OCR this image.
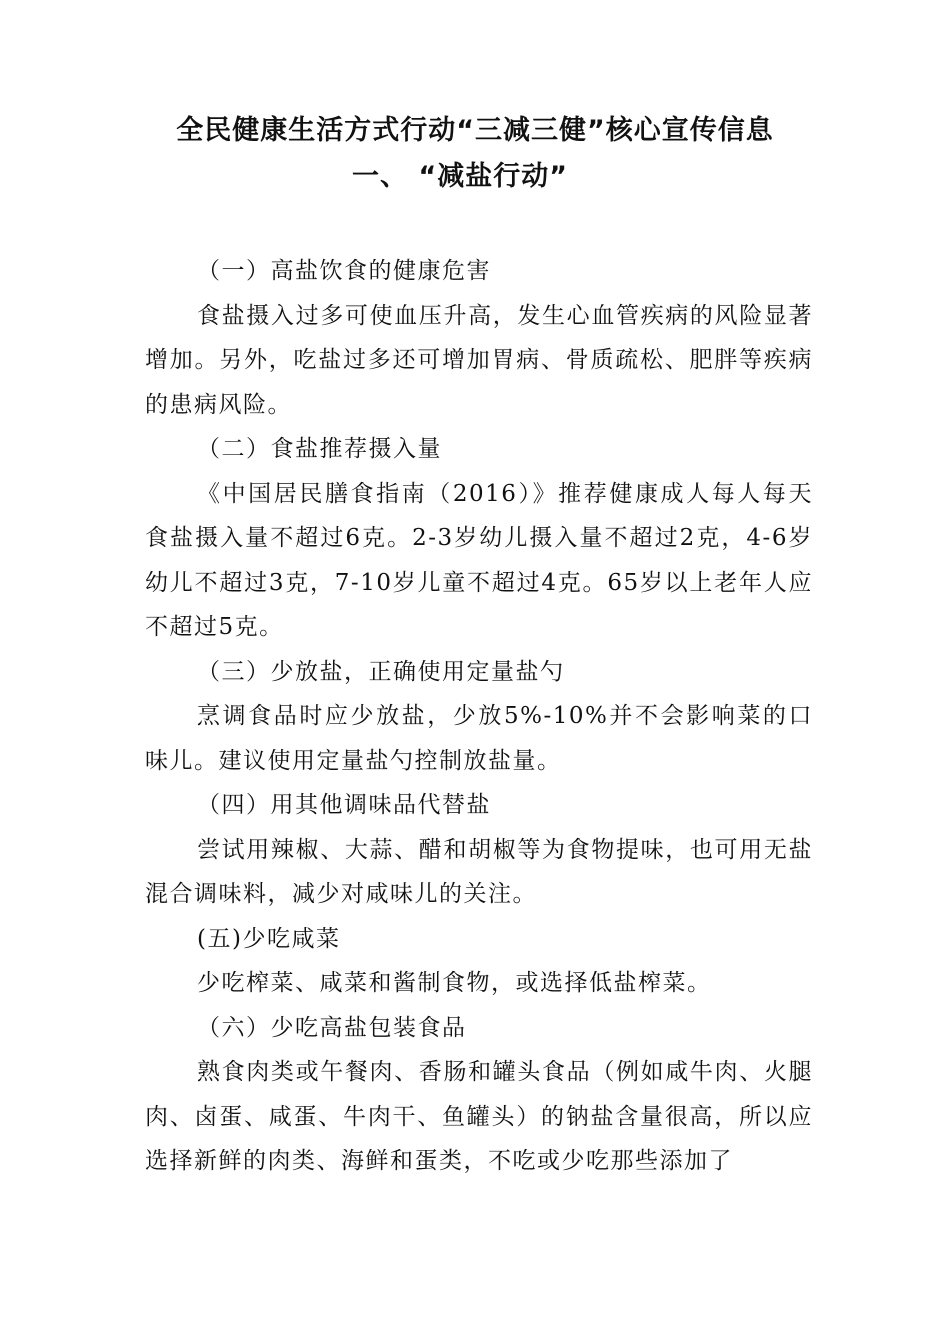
全民健康生活方式行动“三减三健”核心宣传信息
一、 “减盐行动”
（一）高盐饮食的健康危害
食盐摄入过多可使血压升高，发生心血管疾病的风险显著增加。另外，吃盐过多还可增加胃病、骨质疏松、肥胖等疾病的患病风险。
（二）食盐推荐摄入量
《中国居民膳食指南（2016）》推荐健康成人每人每天食盐摄入量不超过6克。2-3岁幼儿摄入量不超过2克，4-6岁幼儿不超过3克，7-10岁儿童不超过4克。65岁以上老年人应不超过5克。
（三）少放盐，正确使用定量盐勺
烹调食品时应少放盐，少放5%-10%并不会影响菜的口味儿。建议使用定量盐勺控制放盐量。
（四）用其他调味品代替盐
尝试用辣椒、大蒜、醋和胡椒等为食物提味，也可用无盐混合调味料，减少对咸味儿的关注。
(五)少吃咸菜
少吃榨菜、咸菜和酱制食物，或选择低盐榨菜。
（六）少吃高盐包装食品
熟食肉类或午餐肉、香肠和罐头食品（例如咸牛肉、火腿肉、卤蛋、咸蛋、牛肉干、鱼罐头）的钠盐含量很高，所以应选择新鲜的肉类、海鲜和蛋类，不吃或少吃那些添加了
